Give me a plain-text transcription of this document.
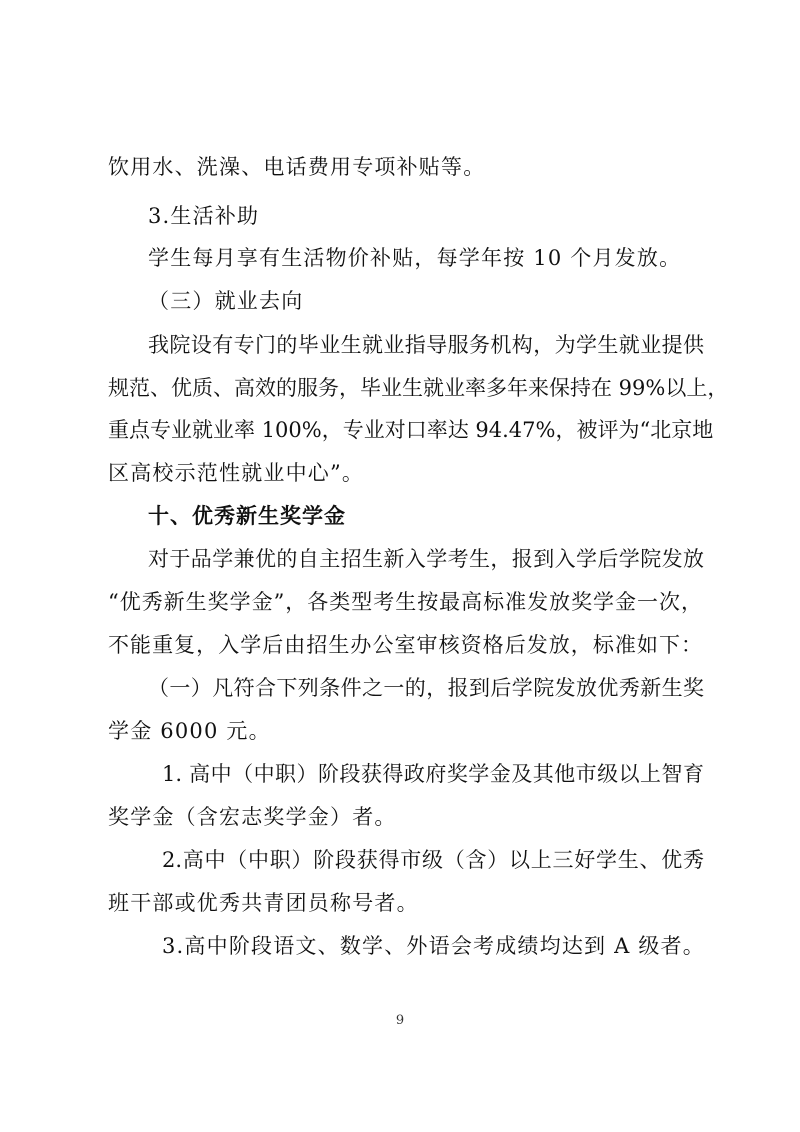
饮用水、洗澡、电话费用专项补贴等。
3.生活补助
学生每月享有生活物价补贴，每学年按 10 个月发放。
（三）就业去向
我院设有专门的毕业生就业指导服务机构，为学生就业提供
规范、优质、高效的服务，毕业生就业率多年来保持在 99%以上，
重点专业就业率 100%，专业对口率达 94.47%，被评为“北京地
区高校示范性就业中心”。
十、优秀新生奖学金
对于品学兼优的自主招生新入学考生，报到入学后学院发放
“优秀新生奖学金”，各类型考生按最高标准发放奖学金一次，
不能重复，入学后由招生办公室审核资格后发放，标准如下：
（一）凡符合下列条件之一的，报到后学院发放优秀新生奖
学金 6000 元。
1. 高中（中职）阶段获得政府奖学金及其他市级以上智育
奖学金（含宏志奖学金）者。
2.高中（中职）阶段获得市级（含）以上三好学生、优秀
班干部或优秀共青团员称号者。
3.高中阶段语文、数学、外语会考成绩均达到 A 级者。
9
